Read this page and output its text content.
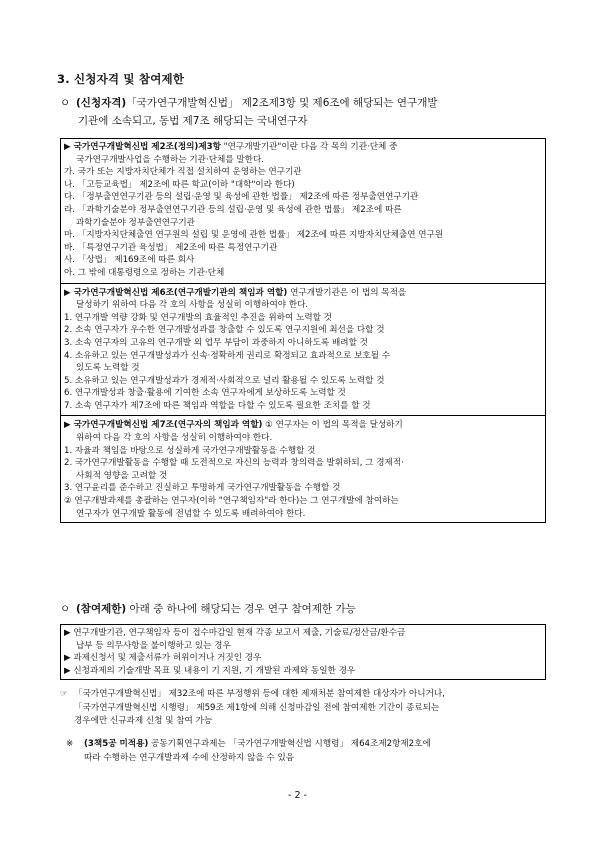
3. 신청자격 및 참여제한
ㅇ (신청자격)「국가연구개발혁신법」 제2조제3항 및 제6조에 해당되는 연구개발
기관에 소속되고, 동법 제7조 해당되는 국내연구자
▶ 국가연구개발혁신법 제2조(정의)제3항 "연구개발기관"이란 다음 각 목의 기관‧단체 중
국가연구개발사업을 수행하는 기관‧단체를 말한다.
가. 국가 또는 지방자치단체가 직접 설치하여 운영하는 연구기관
나. 「고등교육법」 제2조에 따른 학교(이하 "대학"이라 한다)
다. 「정부출연연구기관 등의 설립‧운영 및 육성에 관한 법률」 제2조에 따른 정부출연연구기관
라. 「과학기술분야 정부출연연구기관 등의 설립‧운영 및 육성에 관한 법률」 제2조에 따른
과학기술분야 정부출연연구기관
마. 「지방자치단체출연 연구원의 설립 및 운영에 관한 법률」 제2조에 따른 지방자치단체출연 연구원
바. 「특정연구기관 육성법」 제2조에 따른 특정연구기관
사. 「상법」 제169조에 따른 회사
아. 그 밖에 대통령령으로 정하는 기관‧단체
▶ 국가연구개발혁신법 제6조(연구개발기관의 책임과 역할) 연구개발기관은 이 법의 목적을
달성하기 위하여 다음 각 호의 사항을 성실히 이행하여야 한다.
1. 연구개발 역량 강화 및 연구개발의 효율적인 추진을 위하여 노력할 것
2. 소속 연구자가 우수한 연구개발성과를 창출할 수 있도록 연구지원에 최선을 다할 것
3. 소속 연구자의 고유의 연구개발 외 업무 부담이 과중하지 아니하도록 배려할 것
4. 소유하고 있는 연구개발성과가 신속‧정확하게 권리로 확정되고 효과적으로 보호될 수
있도록 노력할 것
5. 소유하고 있는 연구개발성과가 경제적‧사회적으로 널리 활용될 수 있도록 노력할 것
6. 연구개발성과 창출‧활용에 기여한 소속 연구자에게 보상하도록 노력할 것
7. 소속 연구자가 제7조에 따른 책임과 역할을 다할 수 있도록 필요한 조치를 할 것
▶ 국가연구개발혁신법 제7조(연구자의 책임과 역할) ① 연구자는 이 법의 목적을 달성하기
위하여 다음 각 호의 사항을 성실히 이행하여야 한다.
1. 자율과 책임을 바탕으로 성실하게 국가연구개발활동을 수행할 것
2. 국가연구개발활동을 수행할 때 도전적으로 자신의 능력과 창의력을 발휘하되, 그 경제적‧
사회적 영향을 고려할 것
3. 연구윤리를 준수하고 진실하고 투명하게 국가연구개발활동을 수행할 것
② 연구개발과제를 총괄하는 연구자(이하 "연구책임자"라 한다)는 그 연구개발에 참여하는
연구자가 연구개발 활동에 전념할 수 있도록 배려하여야 한다.
ㅇ (참여제한) 아래 중 하나에 해당되는 경우 연구 참여제한 가능
▶ 연구개발기관, 연구책임자 등이 접수마감일 현재 각종 보고서 제출, 기술료/정산금/환수금
납부 등 의무사항을 불이행하고 있는 경우
▶ 과제신청서 및 제출서류가 허위이거나 거짓인 경우
▶ 신청과제의 기술개발 목표 및 내용이 기 지원, 기 개발된 과제와 동일한 경우
☞ 「국가연구개발혁신법」 제32조에 따른 부정행위 등에 대한 제재처분 참여제한 대상자가 아니거나,
「국가연구개발혁신법 시행령」 제59조 제1항에 의해 신청마감일 전에 참여제한 기간이 종료되는
경우에만 신규과제 신청 및 참여 가능
※	(3책5공 미적용) 공동기획연구과제는 「국가연구개발혁신법 시행령」 제64조제2항제2호에
따라 수행하는 연구개발과제 수에 산정하지 않을 수 있음
- 2 -
